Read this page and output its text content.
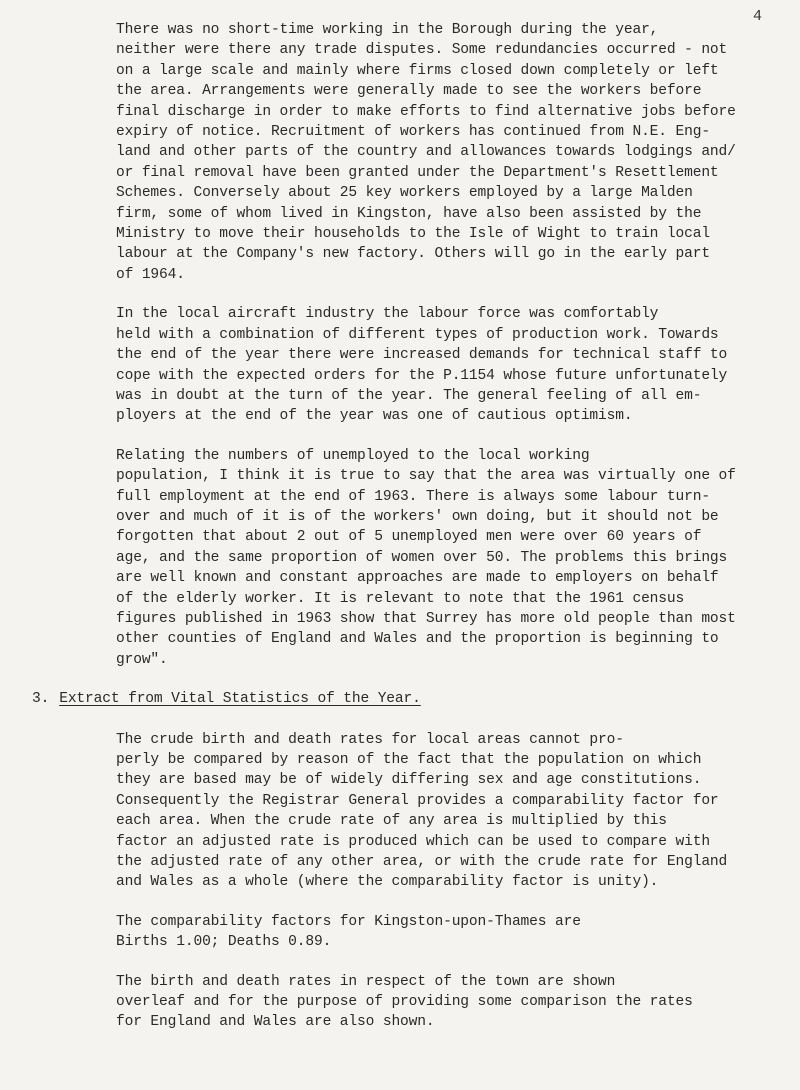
4
There was no short-time working in the Borough during the year,
neither were there any trade disputes. Some redundancies occurred - not
on a large scale and mainly where firms closed down completely or left
the area. Arrangements were generally made to see the workers before
final discharge in order to make efforts to find alternative jobs before
expiry of notice. Recruitment of workers has continued from N.E. Eng-
land and other parts of the country and allowances towards lodgings and/
or final removal have been granted under the Department's Resettlement
Schemes. Conversely about 25 key workers employed by a large Malden
firm, some of whom lived in Kingston, have also been assisted by the
Ministry to move their households to the Isle of Wight to train local
labour at the Company's new factory. Others will go in the early part
of 1964.
In the local aircraft industry the labour force was comfortably
held with a combination of different types of production work. Towards
the end of the year there were increased demands for technical staff to
cope with the expected orders for the P.1154 whose future unfortunately
was in doubt at the turn of the year. The general feeling of all em-
ployers at the end of the year was one of cautious optimism.
Relating the numbers of unemployed to the local working
population, I think it is true to say that the area was virtually one of
full employment at the end of 1963. There is always some labour turn-
over and much of it is of the workers' own doing, but it should not be
forgotten that about 2 out of 5 unemployed men were over 60 years of
age, and the same proportion of women over 50. The problems this brings
are well known and constant approaches are made to employers on behalf
of the elderly worker. It is relevant to note that the 1961 census
figures published in 1963 show that Surrey has more old people than most
other counties of England and Wales and the proportion is beginning to
grow".
3. Extract from Vital Statistics of the Year.
The crude birth and death rates for local areas cannot pro-
perly be compared by reason of the fact that the population on which
they are based may be of widely differing sex and age constitutions.
Consequently the Registrar General provides a comparability factor for
each area. When the crude rate of any area is multiplied by this
factor an adjusted rate is produced which can be used to compare with
the adjusted rate of any other area, or with the crude rate for England
and Wales as a whole (where the comparability factor is unity).
The comparability factors for Kingston-upon-Thames are
Births 1.00; Deaths 0.89.
The birth and death rates in respect of the town are shown
overleaf and for the purpose of providing some comparison the rates
for England and Wales are also shown.
